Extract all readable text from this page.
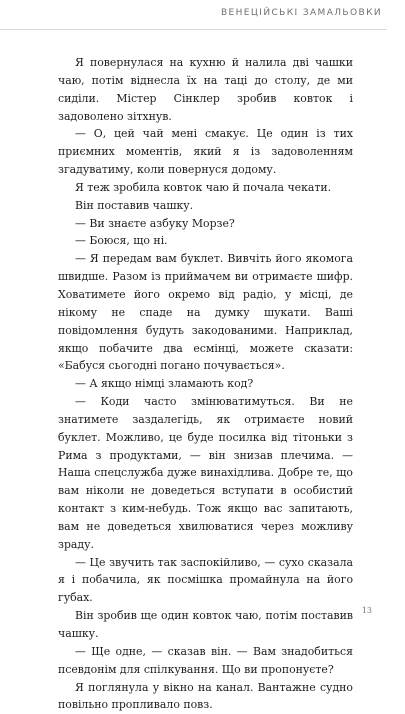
ВЕНЕЦІЙСЬКІ ЗАМАЛЬОВКИ

Я повернулася на кухню й налила дві чашки чаю, потім віднесла їх на таці до столу, де ми сиділи. Містер Сінклер зробив ковток і задоволено зітхнув.

— О, цей чай мені смакує. Це один із тих приємних моментів, який я із задоволенням згадуватиму, коли повернуся додому.

Я теж зробила ковток чаю й почала чекати.

Він поставив чашку.

— Ви знаєте азбуку Морзе?

— Боюся, що ні.

— Я передам вам буклет. Вивчіть його якомога швидше. Разом із приймачем ви отримаєте шифр. Ховатимете його окремо від радіо, у місці, де нікому не спаде на думку шукати. Ваші повідомлення будуть закодованими. Наприклад, якщо побачите два есмінці, можете сказати: «Бабуся сьогодні погано почувається».

— А якщо німці зламають код?

— Коди часто змінюватимуться. Ви не знатимете заздалегідь, як отримаєте новий буклет. Можливо, це буде посилка від тітоньки з Рима з продуктами, — він знизав плечима. — Наша спецслужба дуже винахідлива. Добре те, що вам ніколи не доведеться вступати в особистий контакт з ким-небудь. Тож якщо вас запитають, вам не доведеться хвилюватися через можливу зраду.

— Це звучить так заспокійливо, — сухо сказала я і побачила, як посмішка промайнула на його губах.

Він зробив ще один ковток чаю, потім поставив чашку.

— Ще одне, — сказав він. — Вам знадобиться псевдонім для спілкування. Що ви пропонуєте?

Я поглянула у вікно на канал. Вантажне судно повільно пропливало повз.

13
